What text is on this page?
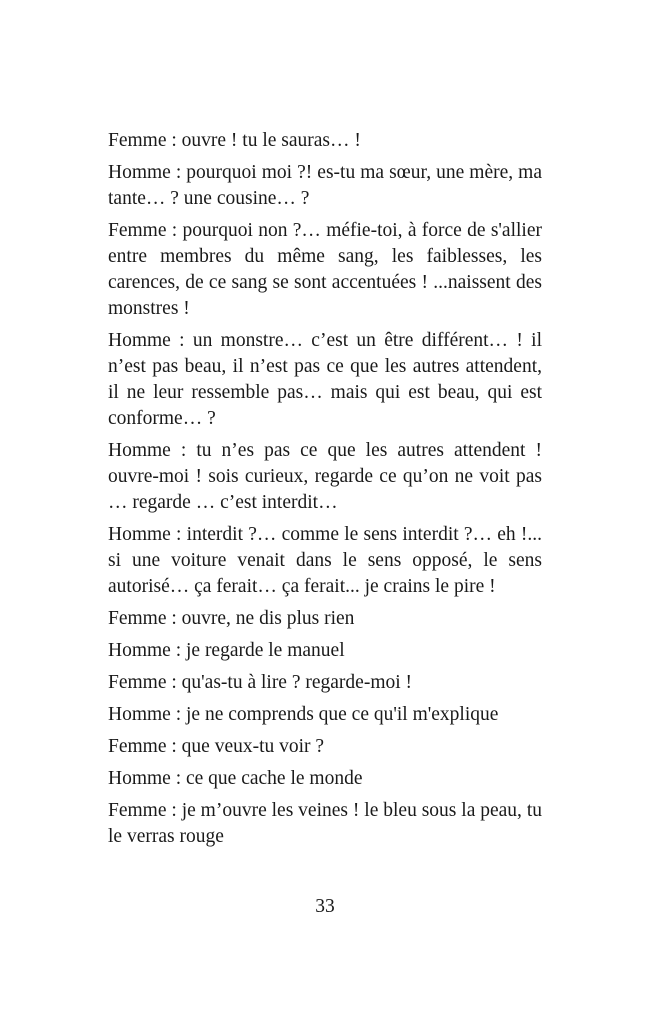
Femme : ouvre ! tu le sauras… !

Homme : pourquoi moi ?! es-tu ma sœur, une mère, ma tante… ? une cousine… ?

Femme : pourquoi non ?… méfie-toi, à force de s'allier entre membres du même sang, les faiblesses, les carences, de ce sang se sont accentuées ! ...naissent des monstres !

Homme : un monstre… c’est un être différent… ! il n’est pas beau, il n’est pas ce que les autres attendent, il ne leur ressemble pas… mais qui est beau, qui est conforme… ?

Homme : tu n’es pas ce que les autres attendent ! ouvre-moi ! sois curieux, regarde ce qu’on ne voit pas … regarde … c’est interdit…

Homme : interdit ?… comme le sens interdit ?… eh !... si une voiture venait dans le sens opposé, le sens autorisé… ça ferait… ça ferait... je crains le pire !

Femme : ouvre, ne dis plus rien

Homme : je regarde le manuel

Femme : qu'as-tu à lire ? regarde-moi !

Homme : je ne comprends que ce qu'il m'explique

Femme : que veux-tu voir ?

Homme : ce que cache le monde

Femme : je m’ouvre les veines ! le bleu sous la peau, tu le verras rouge

33
